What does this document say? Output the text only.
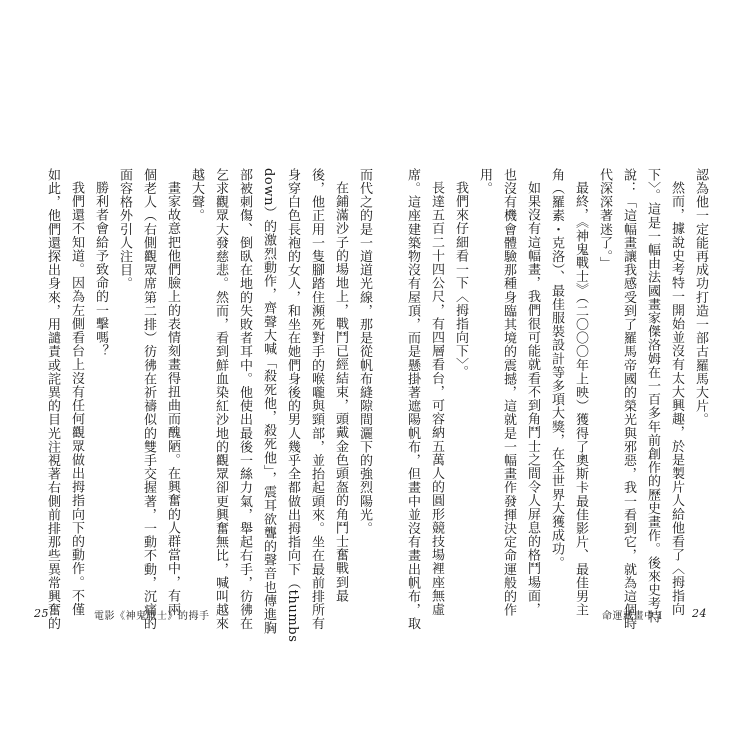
認為他一定能再成功打造一部古羅馬大片。
然而，據說史考特一開始並沒有太大興趣，於是製片人給他看了〈拇指向
下〉。這是一幅由法國畫家傑洛姆在一百多年前創作的歷史畫作。後來史考特
說：「這幅畫讓我感受到了羅馬帝國的榮光與邪惡，我一看到它，就為這個時
代深深著迷了。」
最終，《神鬼戰士》（二〇〇〇年上映）獲得了奧斯卡最佳影片、最佳男主
角（羅素・克洛）、最佳服裝設計等多項大獎，在全世界大獲成功。
如果沒有這幅畫，我們很可能就看不到角鬥士之間令人屏息的格鬥場面，
也沒有機會體驗那種身臨其境的震撼，這就是一幅畫作發揮決定命運般的作
用。
我們來仔細看一下〈拇指向下〉。
長達五百二十四公尺，有四層看台，可容納五萬人的圓形競技場裡座無虛
席。這座建築物沒有屋頂，而是懸掛著遮陽帆布，但畫中並沒有畫出帆布，取
而代之的是一道道光線，那是從帆布縫隙間灑下的強烈陽光。
在鋪滿沙子的場地上，戰鬥已經結束，頭戴金色頭盔的角鬥士奮戰到最
後，他正用一隻腳踏住瀕死對手的喉嚨與頸部，並抬起頭來。坐在最前排所有
身穿白色長袍的女人，和坐在她們身後的男人幾乎全都做出拇指向下（thumbs
down）的激烈動作，齊聲大喊「殺死他，殺死他」，震耳欲聾的聲音也傳進胸
部被刺傷、倒臥在地的失敗者耳中。他使出最後一絲力氣，舉起右手，彷彿在
乞求觀眾大發慈悲。然而，看到鮮血染紅沙地的觀眾卻更興奮無比，喊叫越來
越大聲。
畫家故意把他們臉上的表情刻畫得扭曲而醜陋。在興奮的人群當中，有兩
個老人（右側觀眾席第二排）彷彿在祈禱似的雙手交握著，一動不動，沉痛的
面容格外引人注目。
勝利者會給予致命的一擊嗎？
我們還不知道。因為左側看台上沒有任何觀眾做出拇指向下的動作。不僅
如此，他們還探出身來，用譴責或詫異的目光注視著右側前排那些異常興奮的
25	電影《神鬼戰士》的拇手	命運藏畫中 I	24
